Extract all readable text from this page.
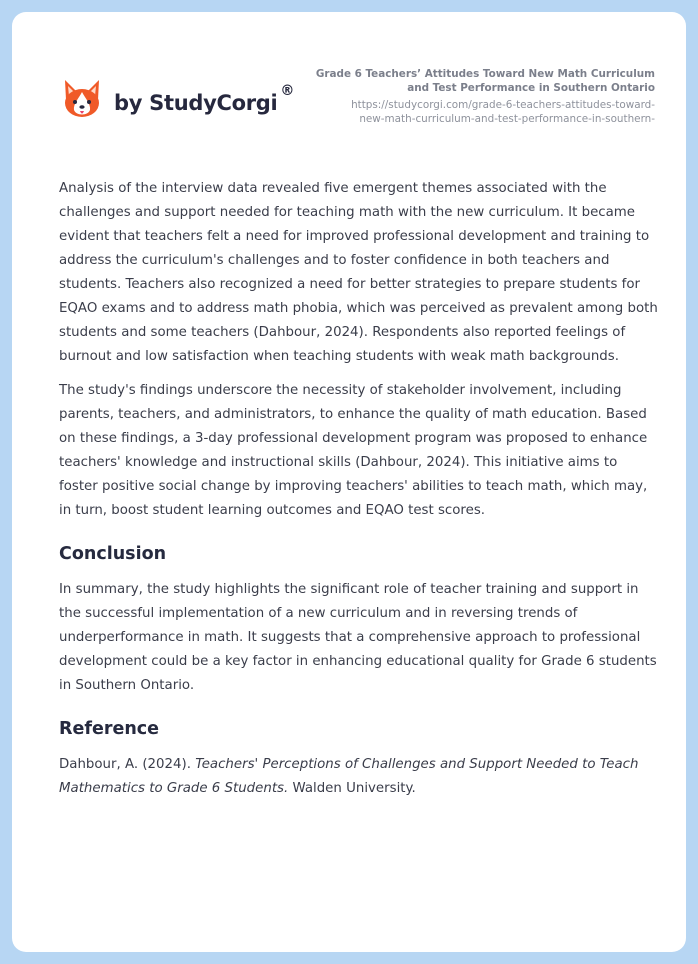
by StudyCorgi ®
Grade 6 Teachers’ Attitudes Toward New Math Curriculum and Test Performance in Southern Ontario
https://studycorgi.com/grade-6-teachers-attitudes-toward-
new-math-curriculum-and-test-performance-in-southern-

Analysis of the interview data revealed five emergent themes associated with the challenges and support needed for teaching math with the new curriculum. It became evident that teachers felt a need for improved professional development and training to address the curriculum's challenges and to foster confidence in both teachers and students. Teachers also recognized a need for better strategies to prepare students for EQAO exams and to address math phobia, which was perceived as prevalent among both students and some teachers (Dahbour, 2024). Respondents also reported feelings of burnout and low satisfaction when teaching students with weak math backgrounds.

The study's findings underscore the necessity of stakeholder involvement, including parents, teachers, and administrators, to enhance the quality of math education. Based on these findings, a 3-day professional development program was proposed to enhance teachers' knowledge and instructional skills (Dahbour, 2024). This initiative aims to foster positive social change by improving teachers' abilities to teach math, which may, in turn, boost student learning outcomes and EQAO test scores.

Conclusion

In summary, the study highlights the significant role of teacher training and support in the successful implementation of a new curriculum and in reversing trends of underperformance in math. It suggests that a comprehensive approach to professional development could be a key factor in enhancing educational quality for Grade 6 students in Southern Ontario.

Reference

Dahbour, A. (2024). Teachers' Perceptions of Challenges and Support Needed to Teach Mathematics to Grade 6 Students. Walden University.
